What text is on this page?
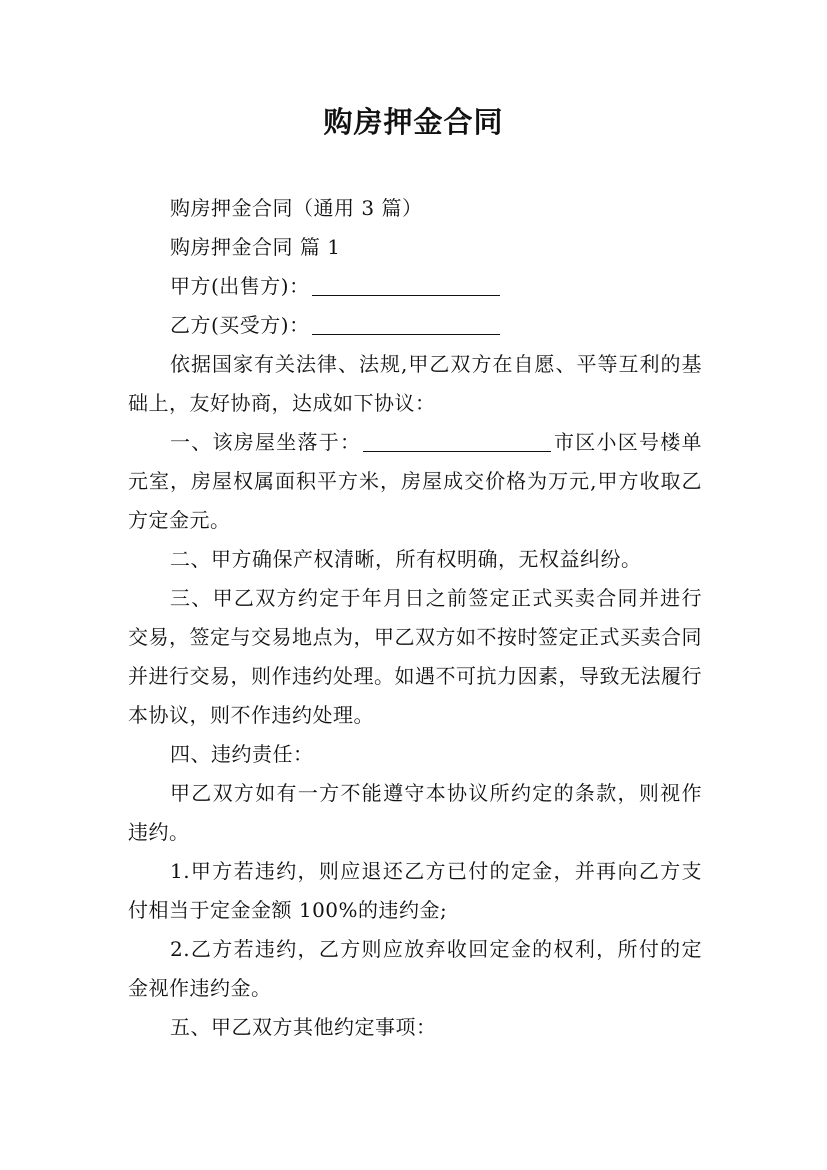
购房押金合同

购房押金合同（通用 3 篇）

购房押金合同 篇 1

甲方(出售方)：

乙方(买受方)：

依据国家有关法律、法规,甲乙双方在自愿、平等互利的基础上，友好协商，达成如下协议：

一、该房屋坐落于：	市区小区号楼单元室，房屋权属面积平方米，房屋成交价格为万元,甲方收取乙方定金元。

二、甲方确保产权清晰，所有权明确，无权益纠纷。

三、甲乙双方约定于年月日之前签定正式买卖合同并进行交易，签定与交易地点为，甲乙双方如不按时签定正式买卖合同并进行交易，则作违约处理。如遇不可抗力因素，导致无法履行本协议，则不作违约处理。

四、违约责任：

甲乙双方如有一方不能遵守本协议所约定的条款，则视作违约。

1.甲方若违约，则应退还乙方已付的定金，并再向乙方支付相当于定金金额 100%的违约金;

2.乙方若违约，乙方则应放弃收回定金的权利，所付的定金视作违约金。

五、甲乙双方其他约定事项：
